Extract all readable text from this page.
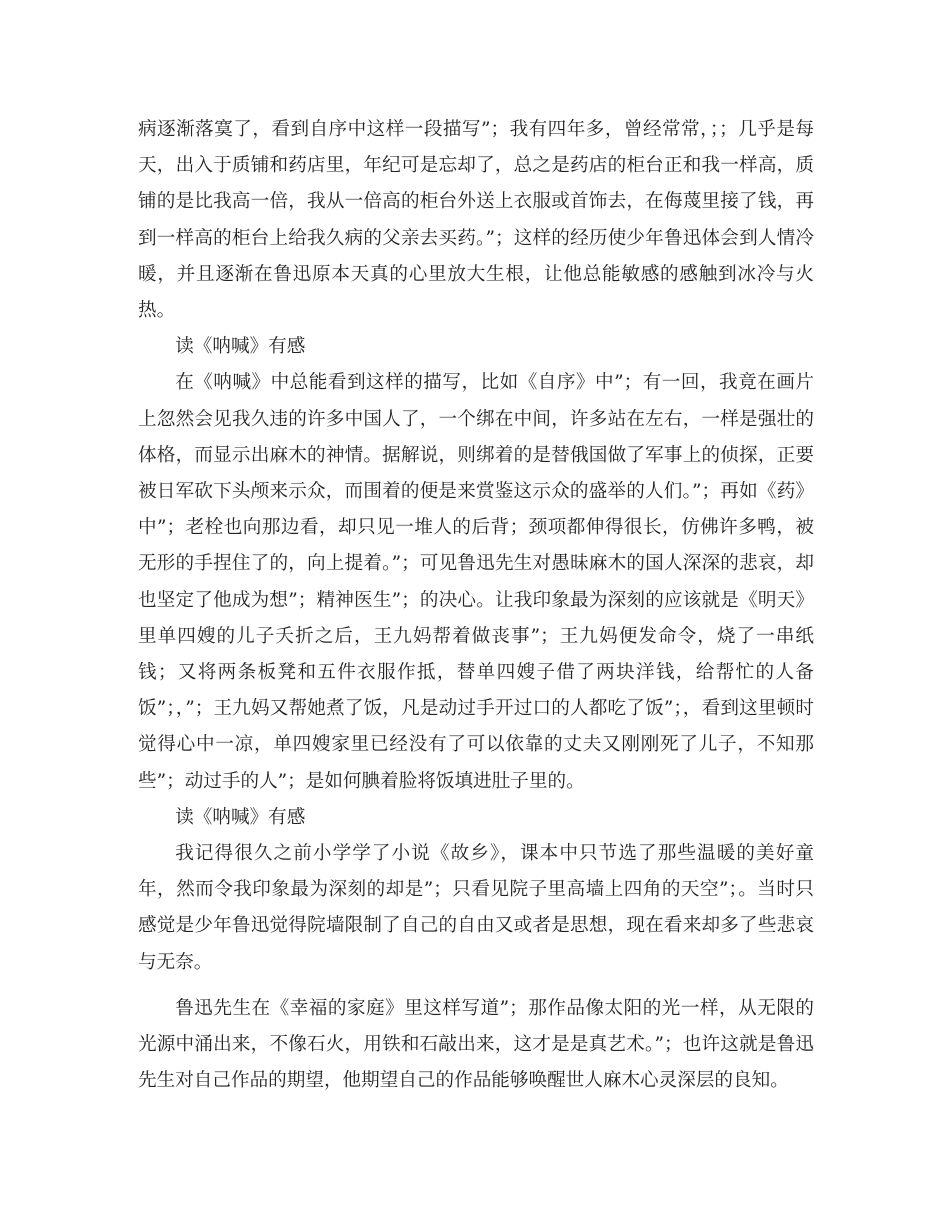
病逐渐落寞了，看到自序中这样一段描写”；我有四年多，曾经常常，；；几乎是每天，出入于质铺和药店里，年纪可是忘却了，总之是药店的柜台正和我一样高，质铺的是比我高一倍，我从一倍高的柜台外送上衣服或首饰去，在侮蔑里接了钱，再到一样高的柜台上给我久病的父亲去买药。”；这样的经历使少年鲁迅体会到人情冷暖，并且逐渐在鲁迅原本天真的心里放大生根，让他总能敏感的感触到冰冷与火热。

读《呐喊》有感

在《呐喊》中总能看到这样的描写，比如《自序》中”；有一回，我竟在画片上忽然会见我久违的许多中国人了，一个绑在中间，许多站在左右，一样是强壮的体格，而显示出麻木的神情。据解说，则绑着的是替俄国做了军事上的侦探，正要被日军砍下头颅来示众，而围着的便是来赏鉴这示众的盛举的人们。”；再如《药》中”；老栓也向那边看，却只见一堆人的后背；颈项都伸得很长，仿佛许多鸭，被无形的手捏住了的，向上提着。”；可见鲁迅先生对愚昧麻木的国人深深的悲哀，却也坚定了他成为想”；精神医生”；的决心。让我印象最为深刻的应该就是《明天》里单四嫂的儿子夭折之后，王九妈帮着做丧事”；王九妈便发命令，烧了一串纸钱；又将两条板凳和五件衣服作抵，替单四嫂子借了两块洋钱，给帮忙的人备饭”；，”；王九妈又帮她煮了饭，凡是动过手开过口的人都吃了饭”；，看到这里顿时觉得心中一凉，单四嫂家里已经没有了可以依靠的丈夫又刚刚死了儿子，不知那些”；动过手的人”；是如何腆着脸将饭填进肚子里的。

读《呐喊》有感

我记得很久之前小学学了小说《故乡》，课本中只节选了那些温暖的美好童年，然而令我印象最为深刻的却是”；只看见院子里高墙上四角的天空”；。当时只感觉是少年鲁迅觉得院墙限制了自己的自由又或者是思想，现在看来却多了些悲哀与无奈。

鲁迅先生在《幸福的家庭》里这样写道”；那作品像太阳的光一样，从无限的光源中涌出来，不像石火，用铁和石敲出来，这才是是真艺术。”；也许这就是鲁迅先生对自己作品的期望，他期望自己的作品能够唤醒世人麻木心灵深层的良知。
